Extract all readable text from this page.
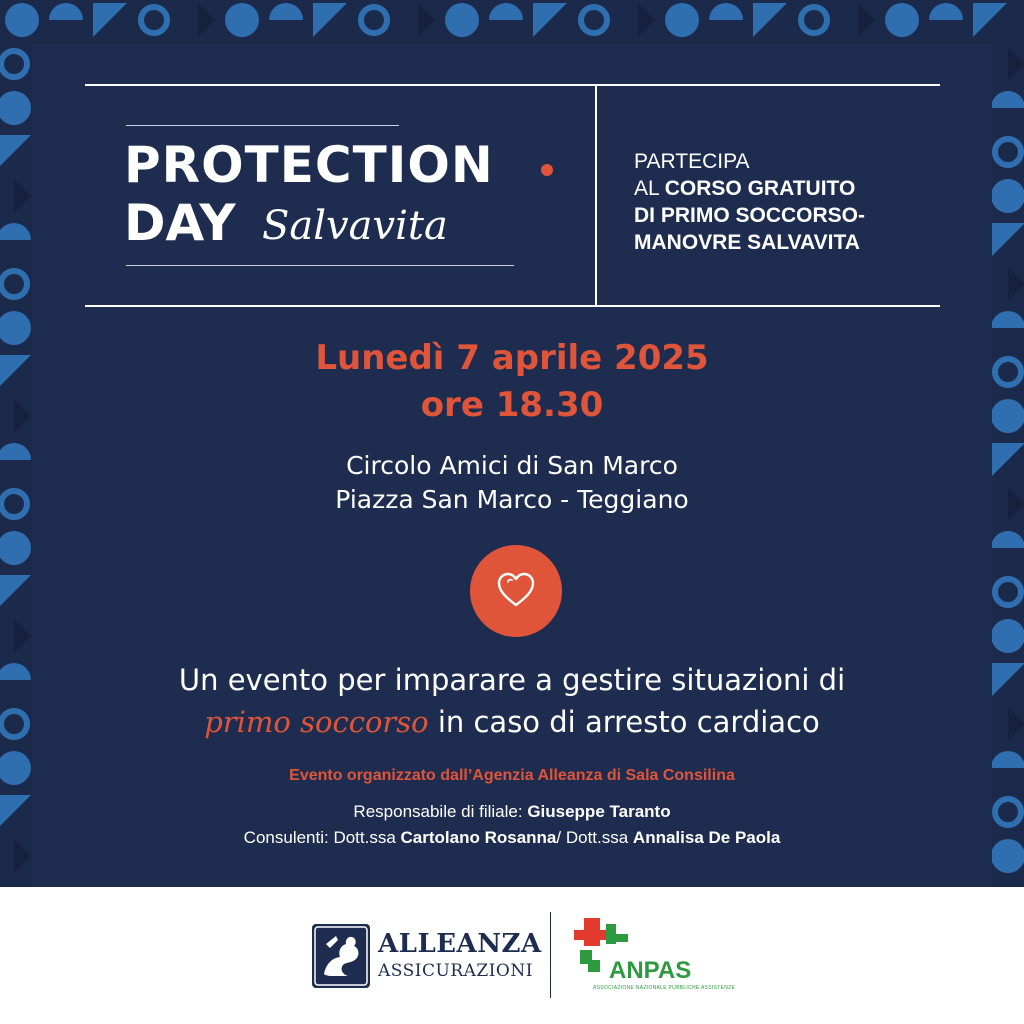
PROTECTION
DAY Salvavita
PARTECIPA
AL CORSO GRATUITO
DI PRIMO SOCCORSO-
MANOVRE SALVAVITA
Lunedì 7 aprile 2025
ore 18.30
Circolo Amici di San Marco
Piazza San Marco - Teggiano
Un evento per imparare a gestire situazioni di
primo soccorso in caso di arresto cardiaco
Evento organizzato dall’Agenzia Alleanza di Sala Consilina
Responsabile di filiale: Giuseppe Taranto
Consulenti: Dott.ssa Cartolano Rosanna/ Dott.ssa Annalisa De Paola
ALLEANZA
ASSICURAZIONI	ANPAS
ASSOCIAZIONE NAZIONALE PUBBLICHE ASSISTENZE
